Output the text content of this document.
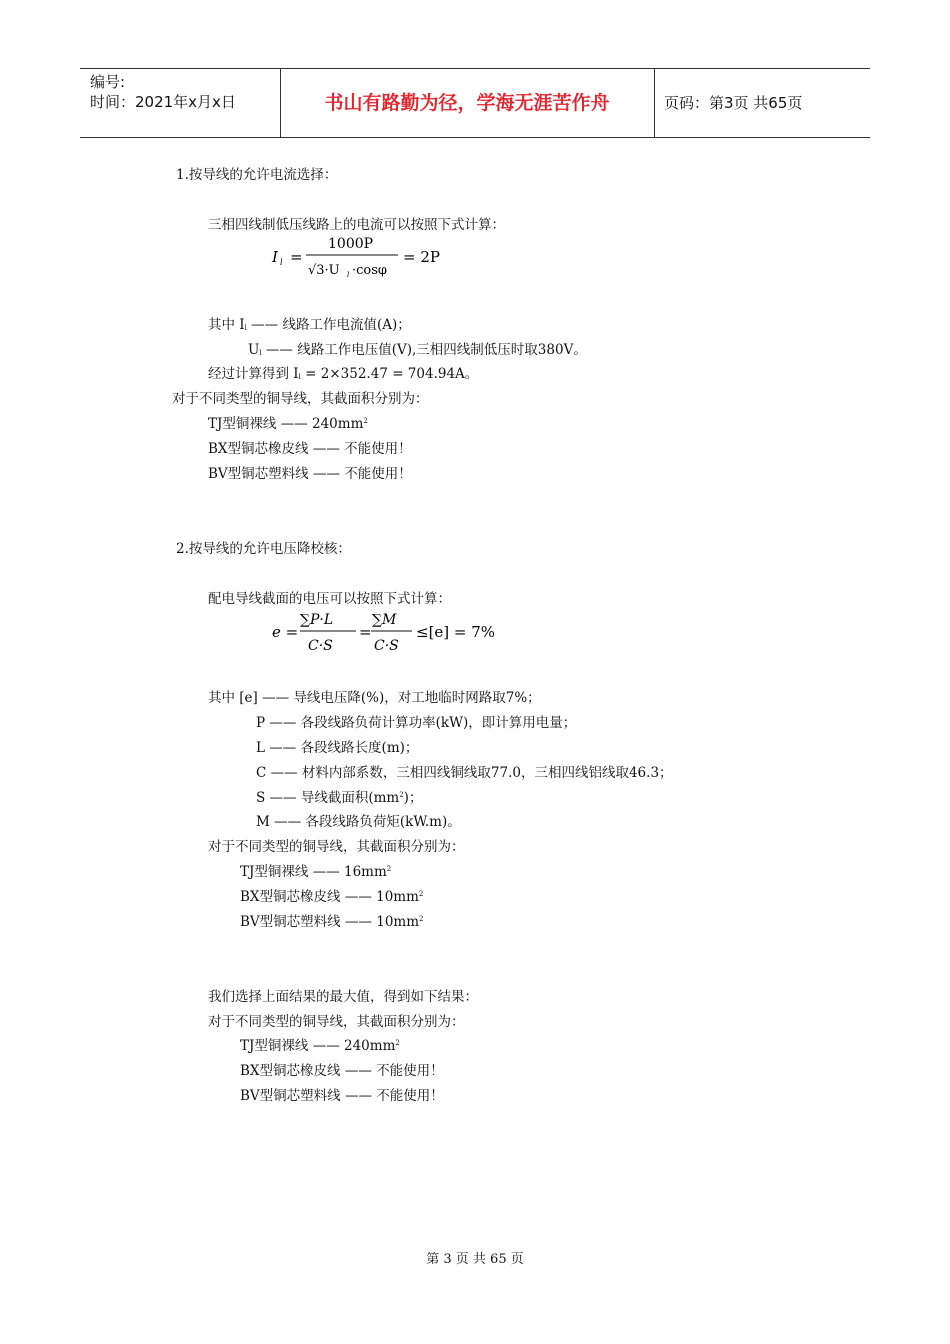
编号:
时间：2021年x月x日	书山有路勤为径，学海无涯苦作舟	页码：第3页 共65页
1.按导线的允许电流选择：
三相四线制低压线路上的电流可以按照下式计算：
I l =
1000P
√3·U l ·cosφ
= 2P
其中 Il —— 线路工作电流值(A)；
Ul —— 线路工作电压值(V),三相四线制低压时取380V。
经过计算得到 Il = 2×352.47 = 704.94A。
对于不同类型的铜导线，其截面积分别为：
TJ型铜裸线 —— $240mm^2$
BX型铜芯橡皮线 —— 不能使用！
BV型铜芯塑料线 —— 不能使用！
2.按导线的允许电压降校核：
配电导线截面的电压可以按照下式计算：
e =
∑P·L
C·S
=
∑M
C·S
≤[e] = 7%
其中 [e] —— 导线电压降(%)，对工地临时网路取7%；
P —— 各段线路负荷计算功率(kW)，即计算用电量；
L —— 各段线路长度(m)；
C —— 材料内部系数，三相四线铜线取77.0，三相四线铝线取46.3；
S —— 导线截面积$(mm^2)$；
M —— 各段线路负荷矩(kW.m)。
对于不同类型的铜导线，其截面积分别为：
TJ型铜裸线 —— $16mm^2$
BX型铜芯橡皮线 —— $10mm^2$
BV型铜芯塑料线 —— $10mm^2$
我们选择上面结果的最大值，得到如下结果：
对于不同类型的铜导线，其截面积分别为：
TJ型铜裸线 —— $240mm^2$
BX型铜芯橡皮线 —— 不能使用！
BV型铜芯塑料线 —— 不能使用！
第 3 页 共 65 页
